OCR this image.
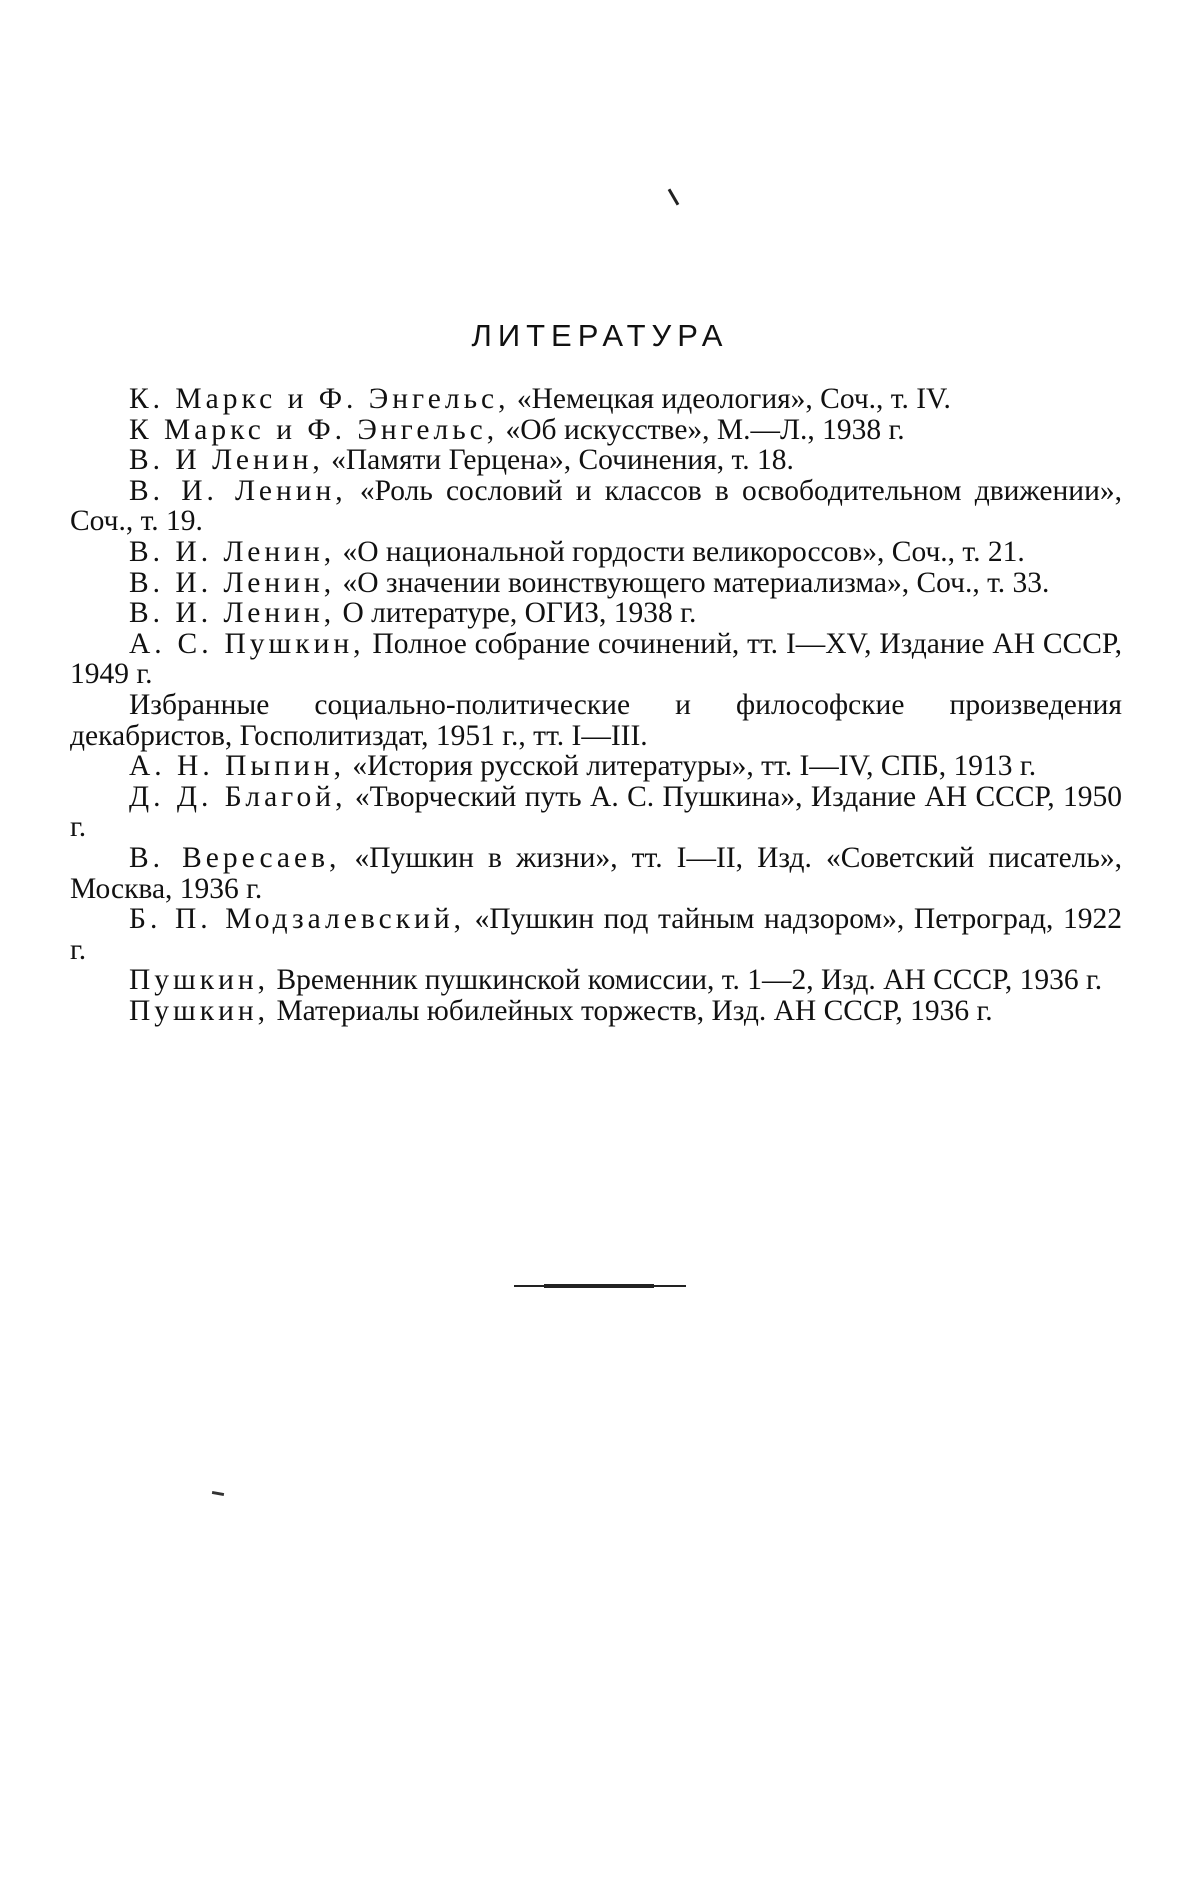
ЛИТЕРАТУРА
К. Маркс и Ф. Энгельс, «Немецкая идеология», Соч., т. IV.
К Маркс и Ф. Энгельс, «Об искусстве», М.—Л., 1938 г.
В. И Ленин, «Памяти Герцена», Сочинения, т. 18.
В. И. Ленин, «Роль сословий и классов в освободительном движении», Соч., т. 19.
В. И. Ленин, «О национальной гордости великороссов», Соч., т. 21.
В. И. Ленин, «О значении воинствующего материализма», Соч., т. 33.
В. И. Ленин, О литературе, ОГИЗ, 1938 г.
А. С. Пушкин, Полное собрание сочинений, тт. I—XV, Издание АН СССР, 1949 г.
Избранные социально-политические и философские произведения декабристов, Госполитиздат, 1951 г., тт. I—III.
А. Н. Пыпин, «История русской литературы», тт. I—IV, СПБ, 1913 г.
Д. Д. Благой, «Творческий путь А. С. Пушкина», Издание АН СССР, 1950 г.
В. Вересаев, «Пушкин в жизни», тт. I—II, Изд. «Советский писатель», Москва, 1936 г.
Б. П. Модзалевский, «Пушкин под тайным надзором», Петроград, 1922 г.
Пушкин, Временник пушкинской комиссии, т. 1—2, Изд. АН СССР, 1936 г.
Пушкин, Материалы юбилейных торжеств, Изд. АН СССР, 1936 г.
